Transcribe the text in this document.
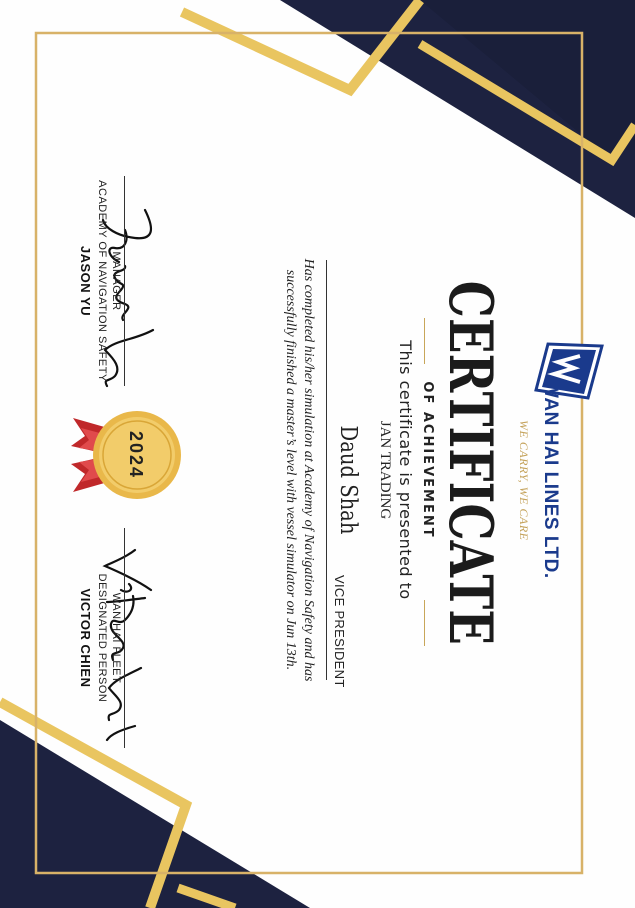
WAN HAI LINES LTD.
WE CARRY, WE CARE
CERTIFICATE
OF ACHIEVEMENT
This certificate is presented to
JAN TRADING
Daud Shah
VICE PRESIDENT
Has completed his/her simulation at Academy of Navigation Safety and has successfully finished a master’s level with vessel simulator on Jun 13th.
2024
MANAGER
ACADEMY OF NAVIGATION SAFETY
JASON YU
WAN HAI FLEET
DESIGNATED PERSON
VICTOR CHIEN
